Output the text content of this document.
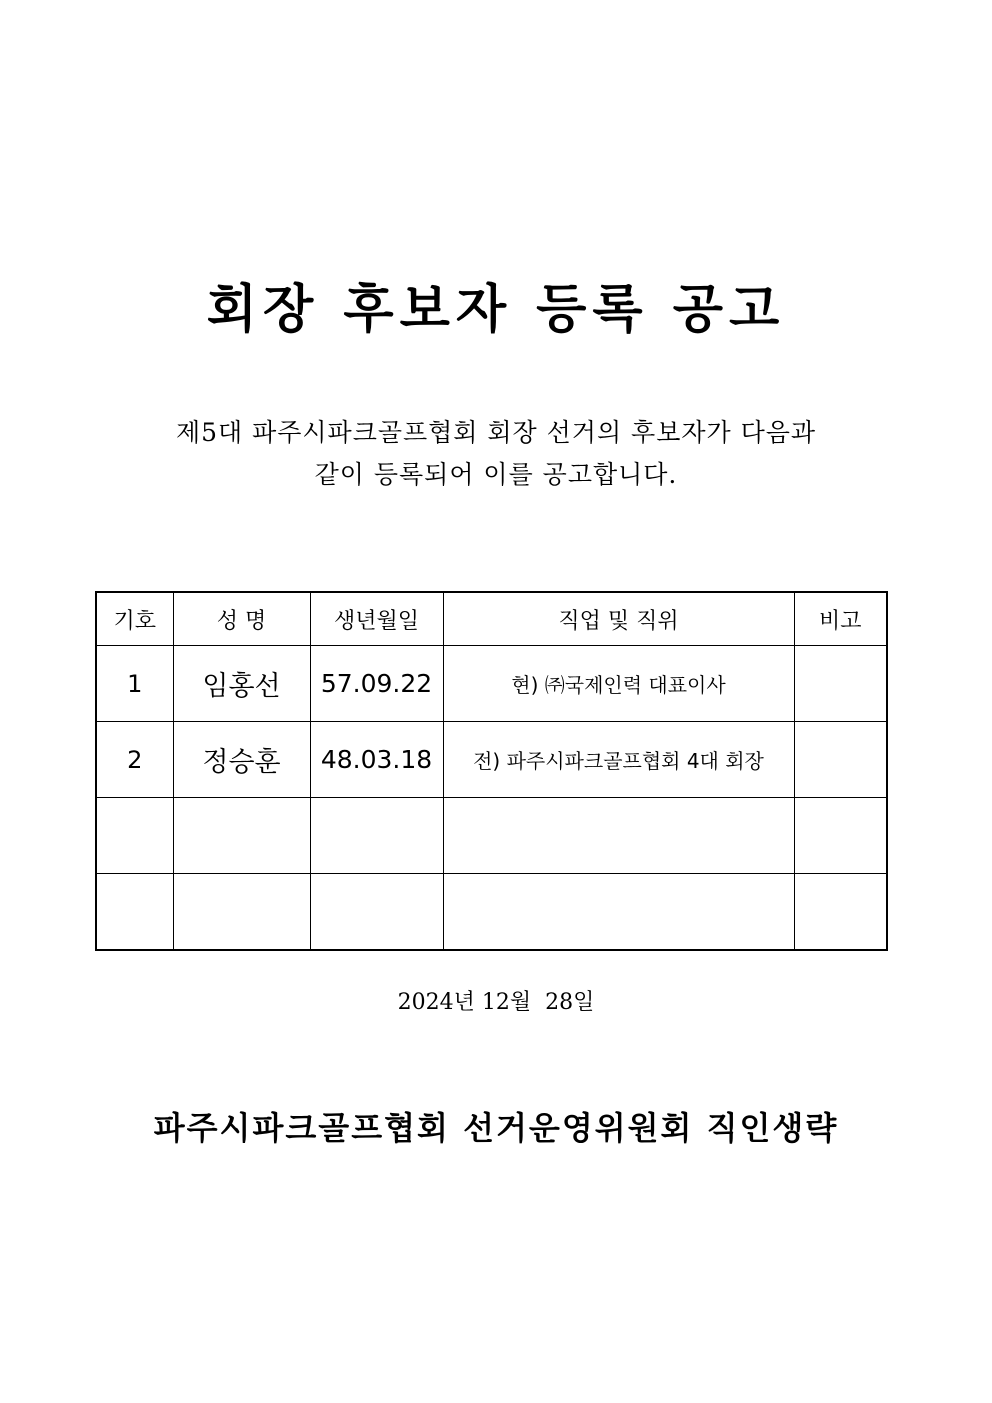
회장 후보자 등록 공고
제5대 파주시파크골프협회 회장 선거의 후보자가 다음과
같이 등록되어 이를 공고합니다.
기호	성 명	생년월일	직업 및 직위	비고
1	임홍선	57.09.22	현) ㈜국제인력 대표이사	
2	정승훈	48.03.18	전) 파주시파크골프협회 4대 회장	

2024년 12월  28일
파주시파크골프협회 선거운영위원회 직인생략
